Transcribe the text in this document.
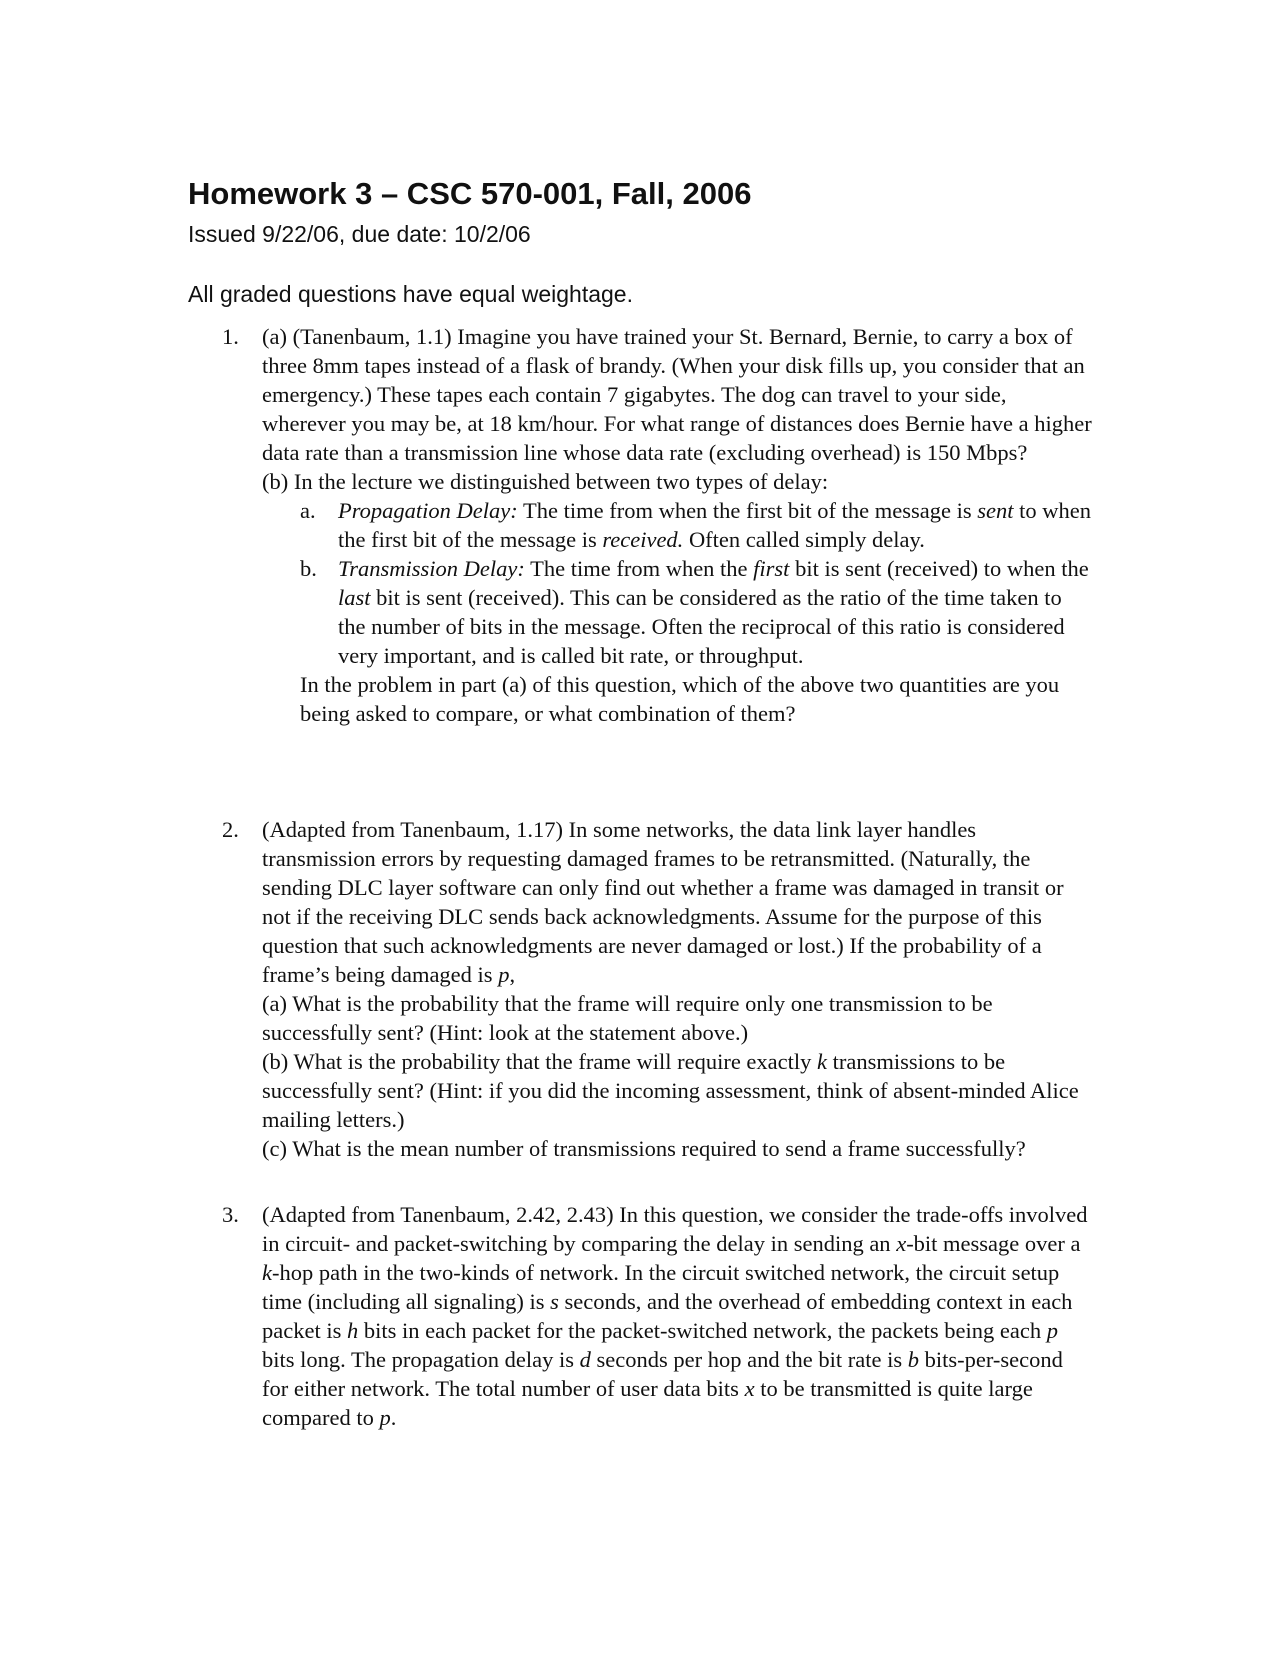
Homework 3 – CSC 570-001, Fall, 2006
Issued 9/22/06, due date: 10/2/06
All graded questions have equal weightage.
1. (a) (Tanenbaum, 1.1) Imagine you have trained your St. Bernard, Bernie, to carry a box of three 8mm tapes instead of a flask of brandy. (When your disk fills up, you consider that an emergency.) These tapes each contain 7 gigabytes. The dog can travel to your side, wherever you may be, at 18 km/hour. For what range of distances does Bernie have a higher data rate than a transmission line whose data rate (excluding overhead) is 150 Mbps?

(b) In the lecture we distinguished between two types of delay:

a. Propagation Delay: The time from when the first bit of the message is sent to when the first bit of the message is received. Often called simply delay.
b. Transmission Delay: The time from when the first bit is sent (received) to when the last bit is sent (received). This can be considered as the ratio of the time taken to the number of bits in the message. Often the reciprocal of this ratio is considered very important, and is called bit rate, or throughput.

In the problem in part (a) of this question, which of the above two quantities are you being asked to compare, or what combination of them?

2. (Adapted from Tanenbaum, 1.17) In some networks, the data link layer handles transmission errors by requesting damaged frames to be retransmitted. (Naturally, the sending DLC layer software can only find out whether a frame was damaged in transit or not if the receiving DLC sends back acknowledgments. Assume for the purpose of this question that such acknowledgments are never damaged or lost.) If the probability of a frame’s being damaged is p,

(a) What is the probability that the frame will require only one transmission to be successfully sent? (Hint: look at the statement above.)

(b) What is the probability that the frame will require exactly k transmissions to be successfully sent? (Hint: if you did the incoming assessment, think of absent-minded Alice mailing letters.)

(c) What is the mean number of transmissions required to send a frame successfully?

3. (Adapted from Tanenbaum, 2.42, 2.43) In this question, we consider the trade-offs involved in circuit- and packet-switching by comparing the delay in sending an x-bit message over a k-hop path in the two-kinds of network. In the circuit switched network, the circuit setup time (including all signaling) is s seconds, and the overhead of embedding context in each packet is h bits in each packet for the packet-switched network, the packets being each p bits long. The propagation delay is d seconds per hop and the bit rate is b bits-per-second for either network. The total number of user data bits x to be transmitted is quite large compared to p.
